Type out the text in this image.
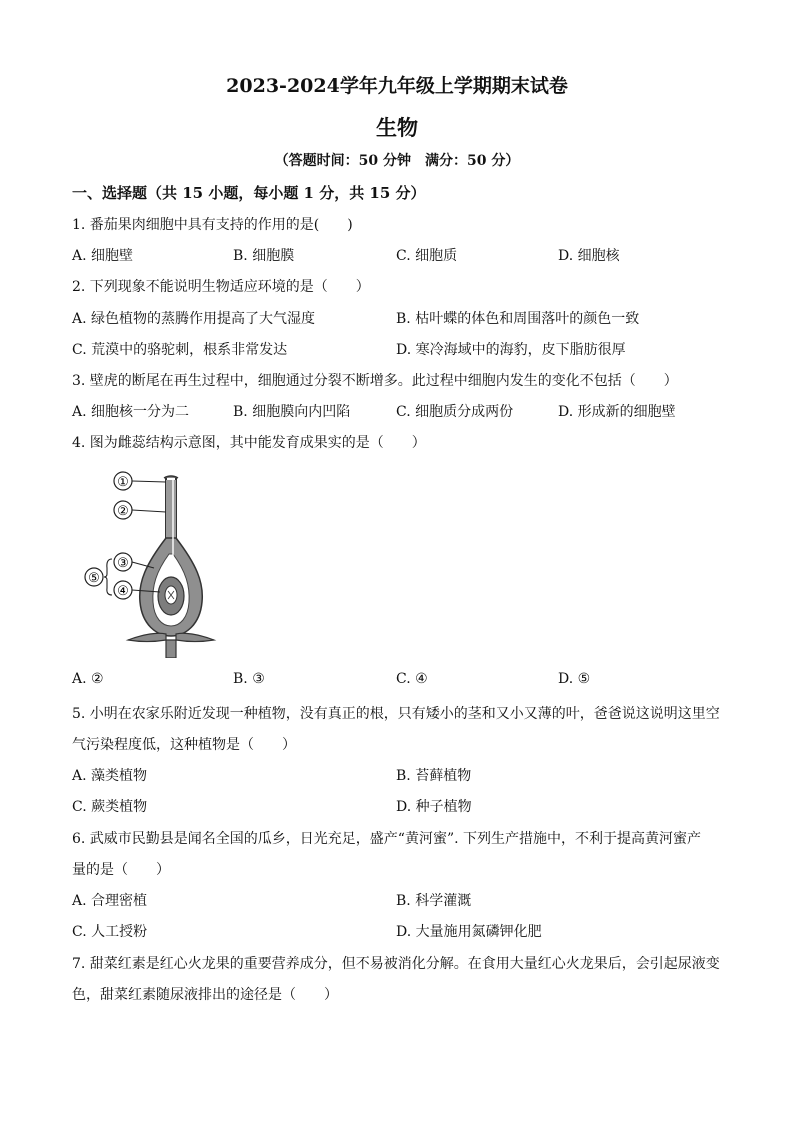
2023-2024学年九年级上学期期末试卷
生物
（答题时间：50 分钟　满分：50 分）
一、选择题（共 15 小题，每小题 1 分，共 15 分）
1. 番茄果肉细胞中具有支持的作用的是(　　)
A. 细胞壁	B. 细胞膜	C. 细胞质	D. 细胞核
2. 下列现象不能说明生物适应环境的是（　　）
A. 绿色植物的蒸腾作用提高了大气湿度	B. 枯叶蝶的体色和周围落叶的颜色一致
C. 荒漠中的骆驼刺，根系非常发达	D. 寒冷海域中的海豹，皮下脂肪很厚
3. 壁虎的断尾在再生过程中，细胞通过分裂不断增多。此过程中细胞内发生的变化不包括（　　）
A. 细胞核一分为二	B. 细胞膜向内凹陷	C. 细胞质分成两份	D. 形成新的细胞壁
4. 图为雌蕊结构示意图，其中能发育成果实的是（　　）
①
②
③
④
⑤
A. ②	B. ③	C. ④	D. ⑤
5. 小明在农家乐附近发现一种植物，没有真正的根，只有矮小的茎和又小又薄的叶，爸爸说这说明这里空
气污染程度低，这种植物是（　　）
A. 藻类植物	B. 苔藓植物
C. 蕨类植物	D. 种子植物
6. 武威市民勤县是闻名全国的瓜乡，日光充足，盛产“黄河蜜”. 下列生产措施中，不利于提高黄河蜜产
量的是（　　）
A. 合理密植	B. 科学灌溉
C. 人工授粉	D. 大量施用氮磷钾化肥
7. 甜菜红素是红心火龙果的重要营养成分，但不易被消化分解。在食用大量红心火龙果后，会引起尿液变
色，甜菜红素随尿液排出的途径是（　　）
